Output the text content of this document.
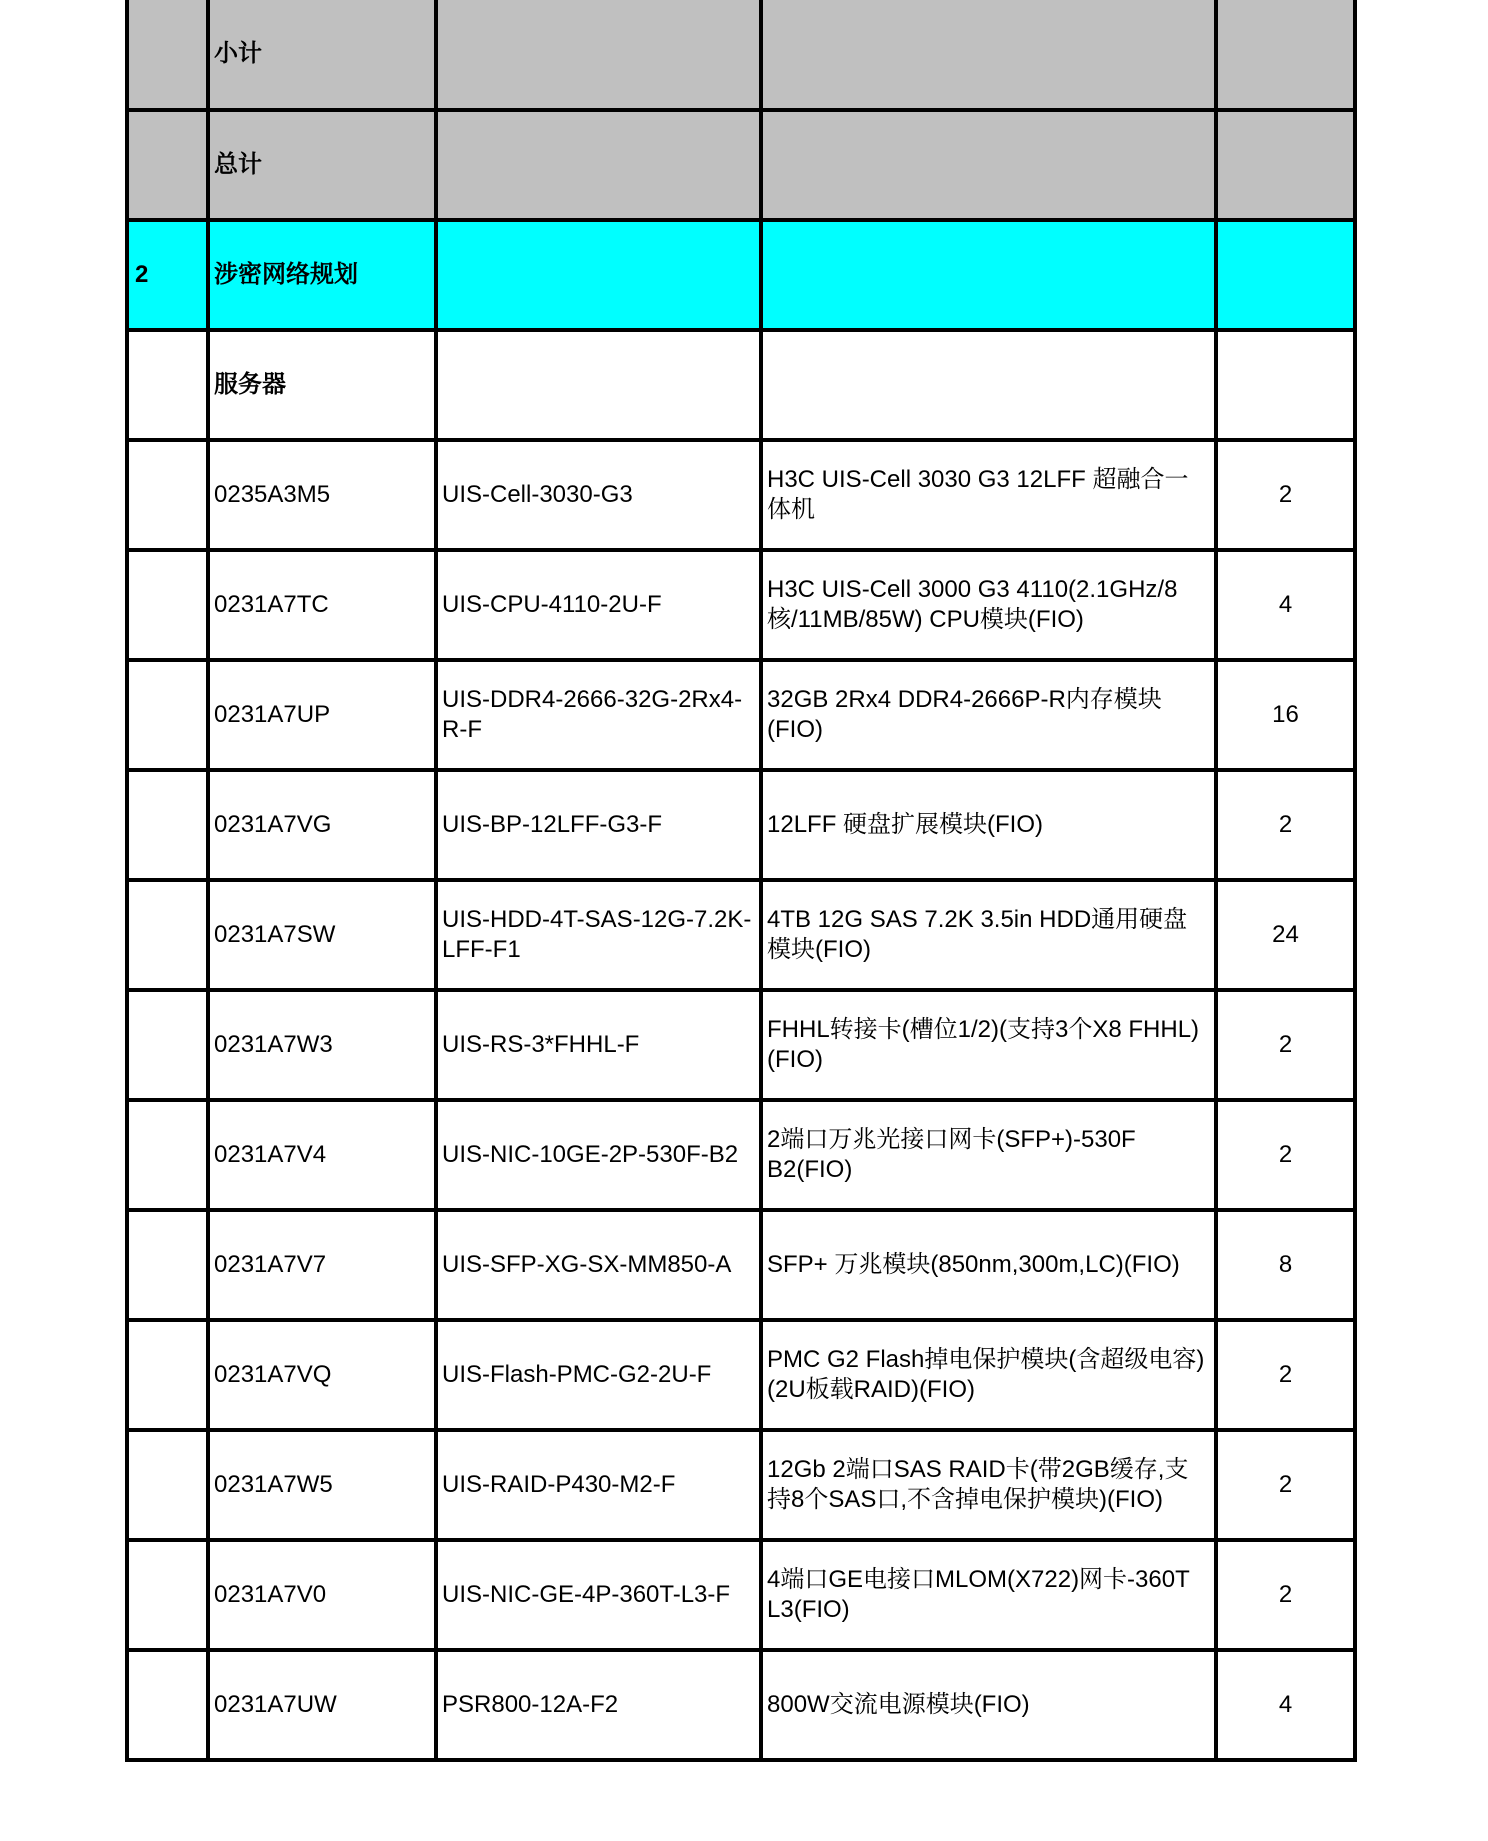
	小计			
	总计			
2	涉密网络规划			
	服务器			
	0235A3M5	UIS-Cell-3030-G3	H3C UIS-Cell 3030 G3 12LFF 超融合一体机	2
	0231A7TC	UIS-CPU-4110-2U-F	H3C UIS-Cell 3000 G3 4110(2.1GHz/8核/11MB/85W) CPU模块(FIO)	4
	0231A7UP	UIS-DDR4-2666-32G-2Rx4-R-F	32GB 2Rx4 DDR4-2666P-R内存模块(FIO)	16
	0231A7VG	UIS-BP-12LFF-G3-F	12LFF 硬盘扩展模块(FIO)	2
	0231A7SW	UIS-HDD-4T-SAS-12G-7.2K-LFF-F1	4TB 12G SAS 7.2K 3.5in HDD通用硬盘模块(FIO)	24
	0231A7W3	UIS-RS-3*FHHL-F	FHHL转接卡(槽位1/2)(支持3个X8 FHHL)(FIO)	2
	0231A7V4	UIS-NIC-10GE-2P-530F-B2	2端口万兆光接口网卡(SFP+)-530F B2(FIO)	2
	0231A7V7	UIS-SFP-XG-SX-MM850-A	SFP+ 万兆模块(850nm,300m,LC)(FIO)	8
	0231A7VQ	UIS-Flash-PMC-G2-2U-F	PMC G2 Flash掉电保护模块(含超级电容)(2U板载RAID)(FIO)	2
	0231A7W5	UIS-RAID-P430-M2-F	12Gb 2端口SAS RAID卡(带2GB缓存,支持8个SAS口,不含掉电保护模块)(FIO)	2
	0231A7V0	UIS-NIC-GE-4P-360T-L3-F	4端口GE电接口MLOM(X722)网卡-360T L3(FIO)	2
	0231A7UW	PSR800-12A-F2	800W交流电源模块(FIO)	4
